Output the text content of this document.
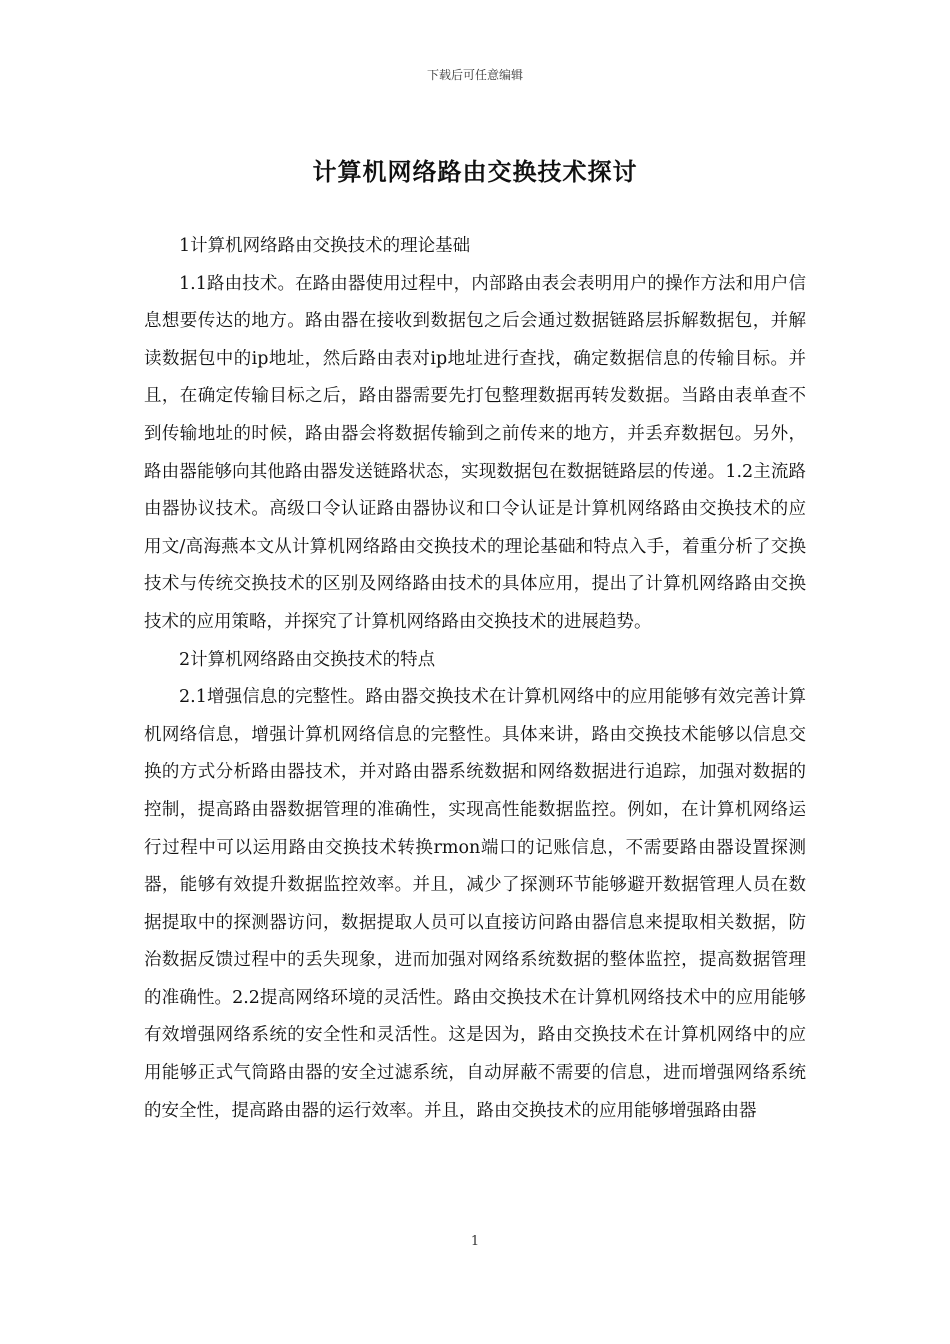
下载后可任意编辑
计算机网络路由交换技术探讨

1计算机网络路由交换技术的理论基础

1.1路由技术。在路由器使用过程中，内部路由表会表明用户的操作方法和用户信息想要传达的地方。路由器在接收到数据包之后会通过数据链路层拆解数据包，并解读数据包中的ip地址，然后路由表对ip地址进行查找，确定数据信息的传输目标。并且，在确定传输目标之后，路由器需要先打包整理数据再转发数据。当路由表单查不到传输地址的时候，路由器会将数据传输到之前传来的地方，并丢弃数据包。另外，路由器能够向其他路由器发送链路状态，实现数据包在数据链路层的传递。1.2主流路由器协议技术。高级口令认证路由器协议和口令认证是计算机网络路由交换技术的应用文/高海燕本文从计算机网络路由交换技术的理论基础和特点入手，着重分析了交换技术与传统交换技术的区别及网络路由技术的具体应用，提出了计算机网络路由交换技术的应用策略，并探究了计算机网络路由交换技术的进展趋势。

2计算机网络路由交换技术的特点

2.1增强信息的完整性。路由器交换技术在计算机网络中的应用能够有效完善计算机网络信息，增强计算机网络信息的完整性。具体来讲，路由交换技术能够以信息交换的方式分析路由器技术，并对路由器系统数据和网络数据进行追踪，加强对数据的控制，提高路由器数据管理的准确性，实现高性能数据监控。例如，在计算机网络运行过程中可以运用路由交换技术转换rmon端口的记账信息，不需要路由器设置探测器，能够有效提升数据监控效率。并且，减少了探测环节能够避开数据管理人员在数据提取中的探测器访问，数据提取人员可以直接访问路由器信息来提取相关数据，防治数据反馈过程中的丢失现象，进而加强对网络系统数据的整体监控，提高数据管理的准确性。2.2提高网络环境的灵活性。路由交换技术在计算机网络技术中的应用能够有效增强网络系统的安全性和灵活性。这是因为，路由交换技术在计算机网络中的应用能够正式气筒路由器的安全过滤系统，自动屏蔽不需要的信息，进而增强网络系统的安全性，提高路由器的运行效率。并且，路由交换技术的应用能够增强路由器

1
